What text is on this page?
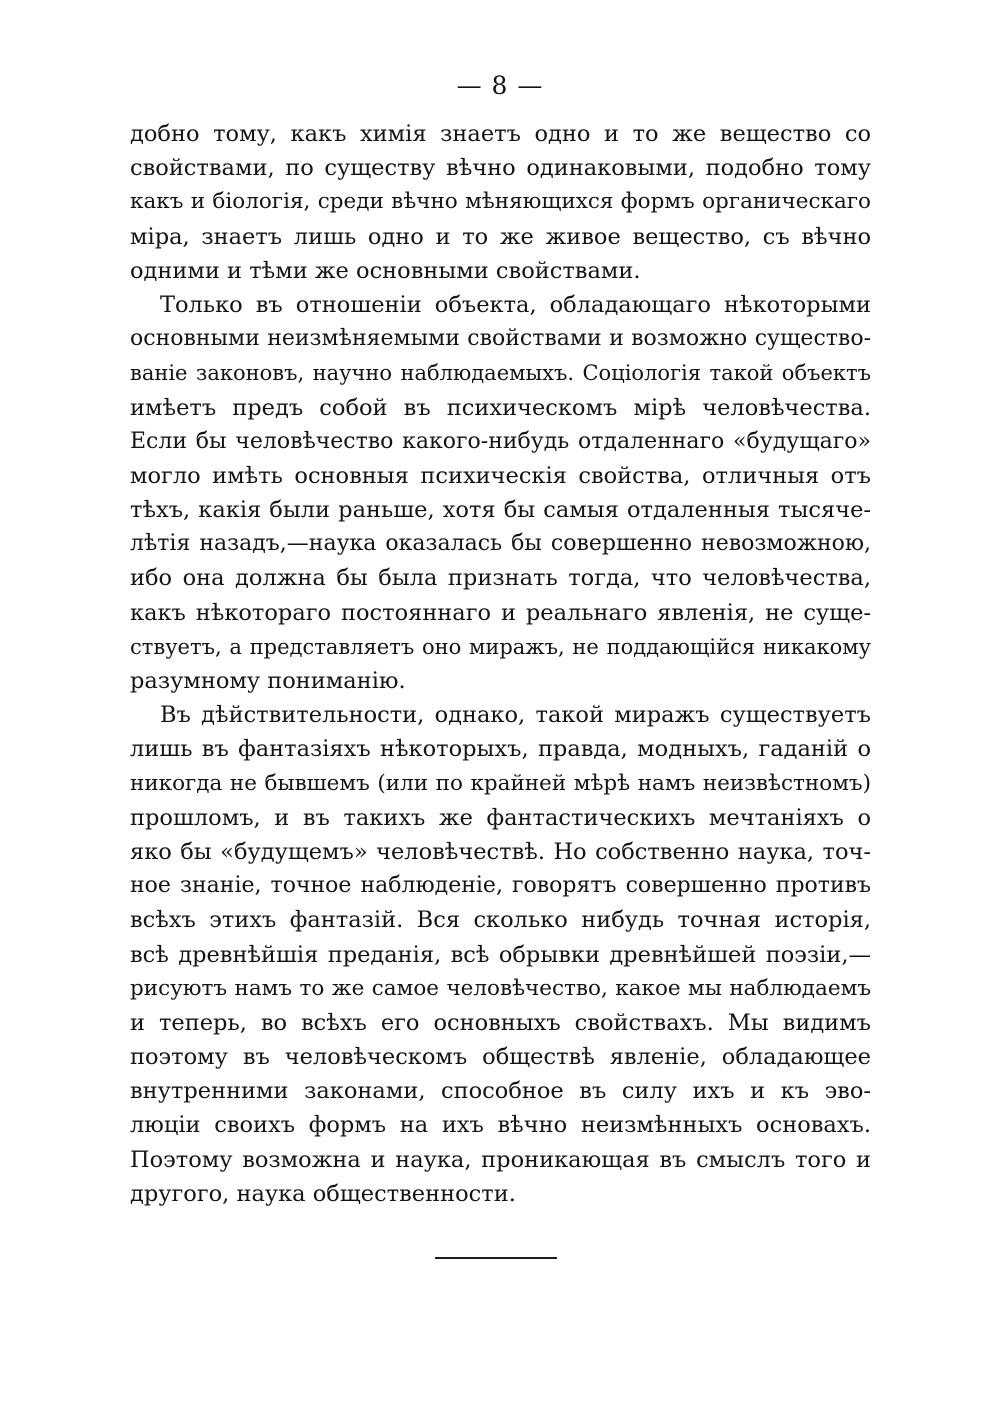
— 8 —
добно тому, какъ химія знаетъ одно и то же вещество со
свойствами, по существу вѣчно одинаковыми, подобно тому
какъ и біологія, среди вѣчно мѣняющихся формъ органическаго
міра, знаетъ лишь одно и то же живое вещество, съ вѣчно
одними и тѣми же основными свойствами.
Только въ отношеніи объекта, обладающаго нѣкоторыми
основными неизмѣняемыми свойствами и возможно существо-
ваніе законовъ, научно наблюдаемыхъ. Соціологія такой объектъ
имѣетъ предъ собой въ психическомъ мірѣ человѣчества.
Если бы человѣчество какого-нибудь отдаленнаго «будущаго»
могло имѣть основныя психическія свойства, отличныя отъ
тѣхъ, какія были раньше, хотя бы самыя отдаленныя тысяче-
лѣтія назадъ,—наука оказалась бы совершенно невозможною,
ибо она должна бы была признать тогда, что человѣчества,
какъ нѣкотораго постояннаго и реальнаго явленія, не суще-
ствуетъ, а представляетъ оно миражъ, не поддающійся никакому
разумному пониманію.
Въ дѣйствительности, однако, такой миражъ существуетъ
лишь въ фантазіяхъ нѣкоторыхъ, правда, модныхъ, гаданій о
никогда не бывшемъ (или по крайней мѣрѣ намъ неизвѣстномъ)
прошломъ, и въ такихъ же фантастическихъ мечтаніяхъ о
яко бы «будущемъ» человѣчествѣ. Но собственно наука, точ-
ное знаніе, точное наблюденіе, говорятъ совершенно противъ
всѣхъ этихъ фантазій. Вся сколько нибудь точная исторія,
всѣ древнѣйшія преданія, всѣ обрывки древнѣйшей поэзіи,—
рисуютъ намъ то же самое человѣчество, какое мы наблюдаемъ
и теперь, во всѣхъ его основныхъ свойствахъ. Мы видимъ
поэтому въ человѣческомъ обществѣ явленіе, обладающее
внутренними законами, способное въ силу ихъ и къ эво-
люціи своихъ формъ на ихъ вѣчно неизмѣнныхъ основахъ.
Поэтому возможна и наука, проникающая въ смыслъ того и
другого, наука общественности.
